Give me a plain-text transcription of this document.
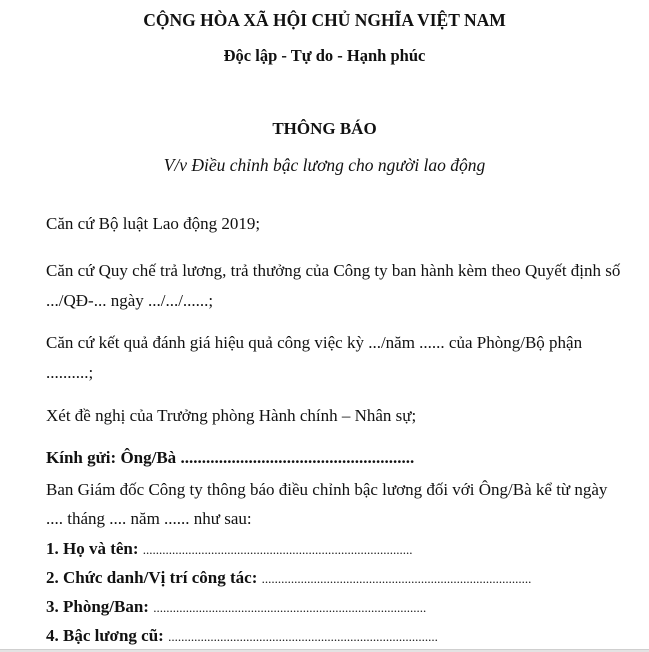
CỘNG HÒA XÃ HỘI CHỦ NGHĨA VIỆT NAM
Độc lập - Tự do - Hạnh phúc
THÔNG BÁO
V/v Điều chỉnh bậc lương cho người lao động
Căn cứ Bộ luật Lao động 2019;
Căn cứ Quy chế trả lương, trả thưởng của Công ty ban hành kèm theo Quyết định số
.../QĐ-... ngày .../.../......;
Căn cứ kết quả đánh giá hiệu quả công việc kỳ .../năm ...... của Phòng/Bộ phận
..........;
Xét đề nghị của Trưởng phòng Hành chính – Nhân sự;
Kính gửi: Ông/Bà .......................................................
Ban Giám đốc Công ty thông báo điều chỉnh bậc lương đối với Ông/Bà kể từ ngày
.... tháng .... năm ...... như sau:
1. Họ và tên: ...................................................................................
2. Chức danh/Vị trí công tác: ...................................................................................
3. Phòng/Ban: ....................................................................................
4. Bậc lương cũ: ...................................................................................
